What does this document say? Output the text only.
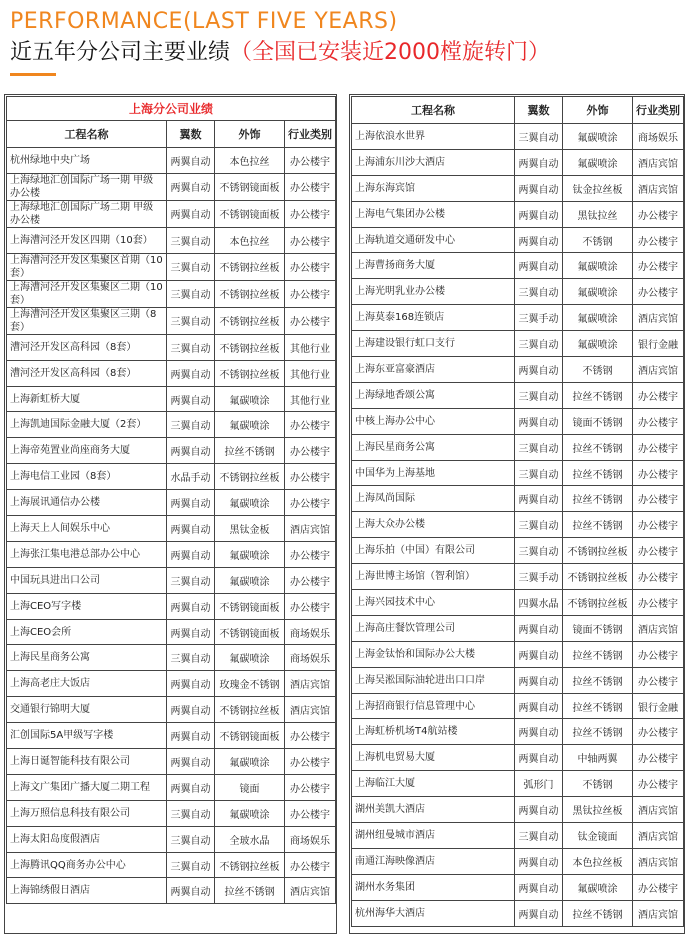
PERFORMANCE(LAST FIVE YEARS)
近五年分公司主要业绩（全国已安装近2000樘旋转门）
上海分公司业绩			
工程名称	翼数	外饰	行业类别
杭州绿地中央广场	两翼自动	本色拉丝	办公楼宇
上海绿地汇创国际广场一期 甲级办公楼	两翼自动	不锈钢镜面板	办公楼宇
上海绿地汇创国际广场二期 甲级办公楼	两翼自动	不锈钢镜面板	办公楼宇
上海漕河泾开发区四期（10套）	三翼自动	本色拉丝	办公楼宇
上海漕河泾开发区集聚区首期（10套）	三翼自动	不锈钢拉丝板	办公楼宇
上海漕河泾开发区集聚区二期（10套）	三翼自动	不锈钢拉丝板	办公楼宇
上海漕河泾开发区集聚区三期（8套）	三翼自动	不锈钢拉丝板	办公楼宇
漕河泾开发区高科园（8套）	三翼自动	不锈钢拉丝板	其他行业
漕河泾开发区高科园（8套）	两翼自动	不锈钢拉丝板	其他行业
上海新虹桥大厦	两翼自动	氟碳喷涂	其他行业
上海凯迪国际金融大厦（2套）	三翼自动	氟碳喷涂	办公楼宇
上海帝苑置业尚座商务大厦	两翼自动	拉丝不锈钢	办公楼宇
上海电信工业园（8套）	水晶手动	不锈钢拉丝板	办公楼宇
上海展讯通信办公楼	两翼自动	氟碳喷涂	办公楼宇
上海天上人间娱乐中心	两翼自动	黑钛金板	酒店宾馆
上海张江集电港总部办公中心	两翼自动	氟碳喷涂	办公楼宇
中国玩具进出口公司	三翼自动	氟碳喷涂	办公楼宇
上海CEO写字楼	两翼自动	不锈钢镜面板	办公楼宇
上海CEO会所	两翼自动	不锈钢镜面板	商场娱乐
上海民星商务公寓	三翼自动	氟碳喷涂	商场娱乐
上海高老庄大饭店	两翼自动	玫瑰金不锈钢	酒店宾馆
交通银行锦明大厦	两翼自动	不锈钢拉丝板	酒店宾馆
汇创国际5A甲级写字楼	两翼自动	不锈钢镜面板	办公楼宇
上海日诞智能科技有限公司	两翼自动	氟碳喷涂	办公楼宇
上海文广集团广播大厦二期工程	两翼自动	镜面	办公楼宇
上海万照信息科技有限公司	三翼自动	氟碳喷涂	办公楼宇
上海太阳岛度假酒店	三翼自动	全玻水晶	商场娱乐
上海腾讯QQ商务办公中心	三翼自动	不锈钢拉丝板	办公楼宇
上海锦绣假日酒店	两翼自动	拉丝不锈钢	酒店宾馆
工程名称	翼数	外饰	行业类别
上海依浪水世界	三翼自动	氟碳喷涂	商场娱乐
上海浦东川沙大酒店	两翼自动	氟碳喷涂	酒店宾馆
上海东海宾馆	两翼自动	钛金拉丝板	酒店宾馆
上海电气集团办公楼	两翼自动	黑钛拉丝	办公楼宇
上海轨道交通研发中心	两翼自动	不锈钢	办公楼宇
上海曹扬商务大厦	两翼自动	氟碳喷涂	办公楼宇
上海光明乳业办公楼	三翼自动	氟碳喷涂	办公楼宇
上海莫泰168连锁店	三翼手动	氟碳喷涂	酒店宾馆
上海建设银行虹口支行	三翼自动	氟碳喷涂	银行金融
上海东亚富豪酒店	两翼自动	不锈钢	酒店宾馆
上海绿地香颂公寓	三翼自动	拉丝不锈钢	办公楼宇
中核上海办公中心	两翼自动	镜面不锈钢	办公楼宇
上海民星商务公寓	三翼自动	拉丝不锈钢	办公楼宇
中国华为上海基地	三翼自动	拉丝不锈钢	办公楼宇
上海凤尚国际	两翼自动	拉丝不锈钢	办公楼宇
上海大众办公楼	三翼自动	拉丝不锈钢	办公楼宇
上海乐拍（中国）有限公司	三翼自动	不锈钢拉丝板	办公楼宇
上海世博主场馆（智利馆）	三翼手动	不锈钢拉丝板	办公楼宇
上海兴园技术中心	四翼水晶	不锈钢拉丝板	办公楼宇
上海高庄餐饮管理公司	两翼自动	镜面不锈钢	酒店宾馆
上海金钛怡和国际办公大楼	两翼自动	拉丝不锈钢	办公楼宇
上海吴淞国际油轮进出口口岸	两翼自动	拉丝不锈钢	办公楼宇
上海招商银行信息管理中心	两翼自动	拉丝不锈钢	银行金融
上海虹桥机场T4航站楼	两翼自动	拉丝不锈钢	办公楼宇
上海机电贸易大厦	两翼自动	中轴两翼	办公楼宇
上海临江大厦	弧形门	不锈钢	办公楼宇
湖州美凯大酒店	两翼自动	黑钛拉丝板	酒店宾馆
湖州纽曼城市酒店	三翼自动	钛金镜面	酒店宾馆
南通江海映像酒店	两翼自动	本色拉丝板	酒店宾馆
湖州水务集团	两翼自动	氟碳喷涂	办公楼宇
杭州海华大酒店	两翼自动	拉丝不锈钢	酒店宾馆
